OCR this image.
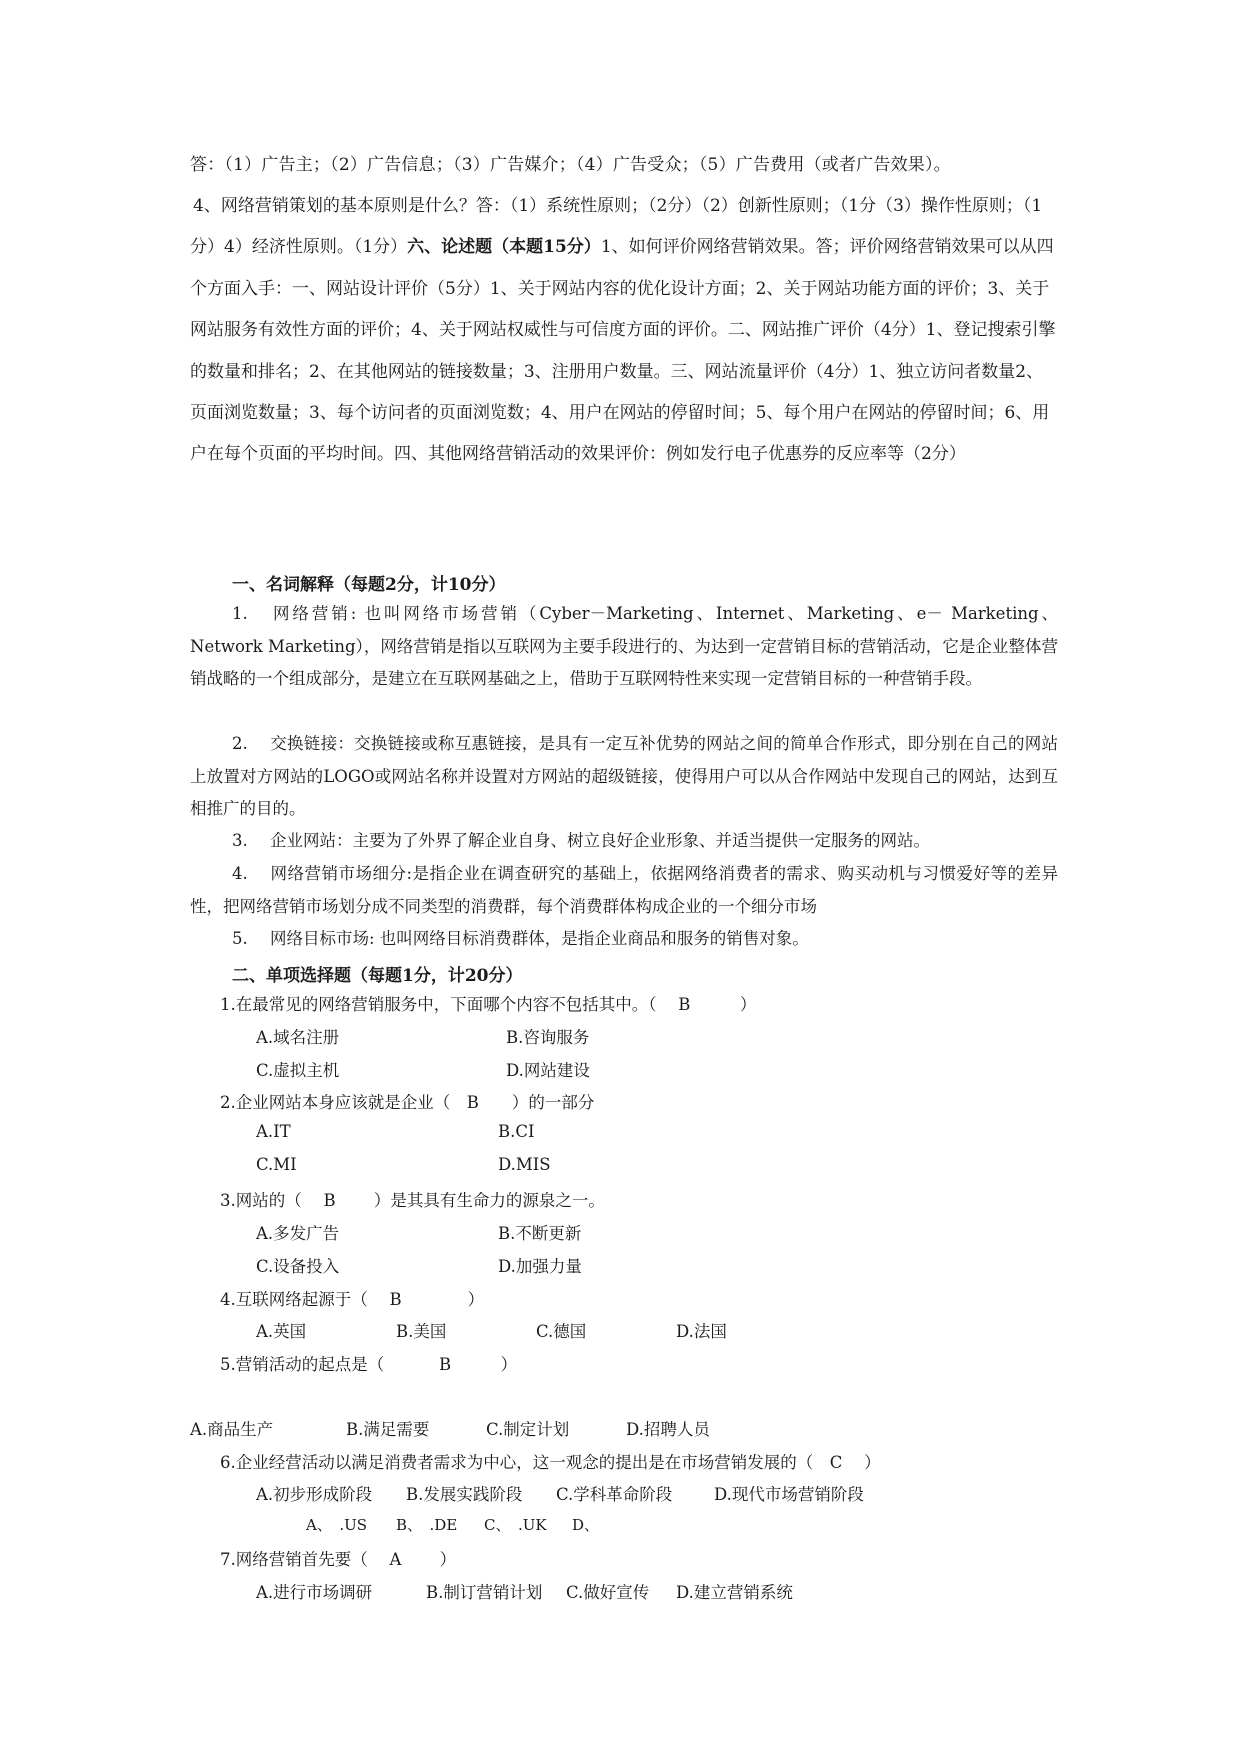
答：（1）广告主；（2）广告信息；（3）广告媒介；（4）广告受众；（5）广告费用（或者广告效果）。

4、网络营销策划的基本原则是什么？答：（1）系统性原则；（2分）（2）创新性原则；（1分（3）操作性原则；（1分）4）经济性原则。（1分）六、论述题（本题15分）1、如何评价网络营销效果。答；评价网络营销效果可以从四个方面入手：一、网站设计评价（5分）1、关于网站内容的优化设计方面；2、关于网站功能方面的评价；3、关于网站服务有效性方面的评价；4、关于网站权威性与可信度方面的评价。二、网站推广评价（4分）1、登记搜索引擎的数量和排名；2、在其他网站的链接数量；3、注册用户数量。三、网站流量评价（4分）1、独立访问者数量2、页面浏览数量；3、每个访问者的页面浏览数；4、用户在网站的停留时间；5、每个用户在网站的停留时间；6、用户在每个页面的平均时间。四、其他网络营销活动的效果评价：例如发行电子优惠券的反应率等（2分）

一、名词解释（每题2分，计10分）

1. 网络营销: 也叫网络市场营销（Cyber－Marketing、Internet、Marketing、e－ Marketing、Network Marketing），网络营销是指以互联网为主要手段进行的、为达到一定营销目标的营销活动，它是企业整体营销战略的一个组成部分，是建立在互联网基础之上，借助于互联网特性来实现一定营销目标的一种营销手段。

2. 交换链接：交换链接或称互惠链接，是具有一定互补优势的网站之间的简单合作形式，即分别在自己的网站上放置对方网站的LOGO或网站名称并设置对方网站的超级链接，使得用户可以从合作网站中发现自己的网站，达到互相推广的目的。

3. 企业网站：主要为了外界了解企业自身、树立良好企业形象、并适当提供一定服务的网站。

4. 网络营销市场细分:是指企业在调查研究的基础上，依据网络消费者的需求、购买动机与习惯爱好等的差异性，把网络营销市场划分成不同类型的消费群，每个消费群体构成企业的一个细分市场

5. 网络目标市场: 也叫网络目标消费群体，是指企业商品和服务的销售对象。

二、单项选择题（每题1分，计20分）

1.在最常见的网络营销服务中，下面哪个内容不包括其中。（　 B　　　）

A.域名注册	B.咨询服务
C.虚拟主机	D.网站建设

2.企业网站本身应该就是企业（　B　　）的一部分

A.IT	B.CI
C.MI	D.MIS

3.网站的（　 B　　 ）是其具有生命力的源泉之一。

A.多发广告	B.不断更新
C.设备投入	D.加强力量

4.互联网络起源于（　 B　　　　）

A.英国	B.美国	C.德国	D.法国

5.营销活动的起点是（　　　 B　　　）

A.商品生产	B.满足需要	C.制定计划	D.招聘人员

6.企业经营活动以满足消费者需求为中心，这一观念的提出是在市场营销发展的（　C　 ）

A.初步形成阶段 B.发展实践阶段 C.学科革命阶段	D.现代市场营销阶段
A、　.US B、　.DE C、　.UK D、

7.网络营销首先要（　 A　　 ）

A.进行市场调研	B.制订营销计划 C.做好宣传 D.建立营销系统
